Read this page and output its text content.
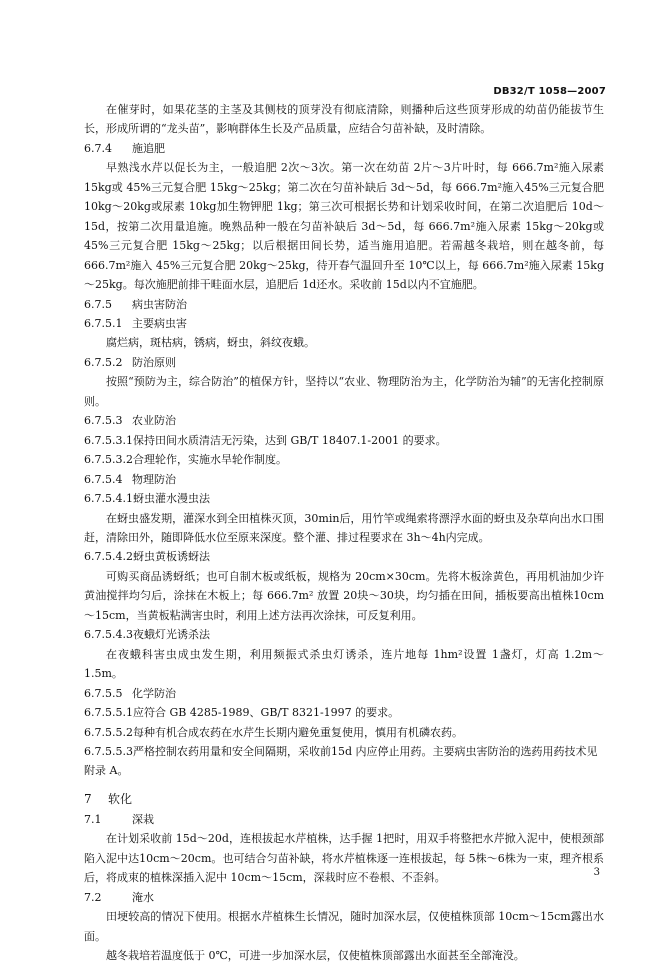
DB32/T 1058—2007

在催芽时，如果花茎的主茎及其侧枝的顶芽没有彻底清除，则播种后这些顶芽形成的幼苗仍能拔节生长，形成所谓的“龙头苗”，影响群体生长及产品质量，应结合匀苗补缺，及时清除。

6.7.4 施追肥

早熟浅水芹以促长为主，一般追肥 2次～3次。第一次在幼苗 2片～3片叶时，每 666.7m²施入尿素 15kg或 45%三元复合肥 15kg～25kg；第二次在匀苗补缺后 3d～5d，每 666.7m²施入45%三元复合肥 10kg～20kg或尿素 10kg加生物钾肥 1kg；第三次可根据长势和计划采收时间，在第二次追肥后 10d～15d，按第二次用量追施。晚熟品种一般在匀苗补缺后 3d～5d，每 666.7m²施入尿素 15kg～20kg或 45%三元复合肥 15kg～25kg；以后根据田间长势，适当施用追肥。若需越冬栽培，则在越冬前，每 666.7m²施入 45%三元复合肥 20kg～25kg，待开春气温回升至 10℃以上，每 666.7m²施入尿素 15kg～25kg。每次施肥前排干畦面水层，追肥后 1d还水。采收前 15d以内不宜施肥。

6.7.5 病虫害防治
6.7.5.1 主要病虫害

腐烂病，斑枯病，锈病，蚜虫，斜纹夜蛾。

6.7.5.2 防治原则

按照“预防为主，综合防治”的植保方针，坚持以“农业、物理防治为主，化学防治为辅”的无害化控制原则。

6.7.5.3 农业防治
6.7.5.3.1保持田间水质清洁无污染，达到 GB/T 18407.1-2001 的要求。
6.7.5.3.2合理轮作，实施水旱轮作制度。
6.7.5.4 物理防治
6.7.5.4.1蚜虫灌水漫虫法

在蚜虫盛发期，灌深水到全田植株灭顶，30min后，用竹竿或绳索将漂浮水面的蚜虫及杂草向出水口围赶，清除田外，随即降低水位至原来深度。整个灌、排过程要求在 3h～4h内完成。

6.7.5.4.2蚜虫黄板诱蚜法

可购买商品诱蚜纸；也可自制木板或纸板，规格为 20cm×30cm。先将木板涂黄色，再用机油加少许黄油搅拌均匀后，涂抹在木板上；每 666.7m² 放置 20块～30块，均匀插在田间，插板要高出植株10cm～15cm，当黄板粘满害虫时，利用上述方法再次涂抹，可反复利用。

6.7.5.4.3夜蛾灯光诱杀法

在夜蛾科害虫成虫发生期，利用频振式杀虫灯诱杀，连片地每 1hm²设置 1盏灯，灯高 1.2m～1.5m。

6.7.5.5 化学防治
6.7.5.5.1应符合 GB 4285-1989、GB/T 8321-1997 的要求。
6.7.5.5.2每种有机合成农药在水芹生长期内避免重复使用，慎用有机磷农药。
6.7.5.5.3严格控制农药用量和安全间隔期，采收前15d 内应停止用药。主要病虫害防治的选药用药技术见附录 A。
7 软化
7.1	深栽

在计划采收前 15d～20d，连根拔起水芹植株，达手握 1把时，用双手将整把水芹掀入泥中，使根颈部陷入泥中达10cm～20cm。也可结合匀苗补缺，将水芹植株逐一连根拔起，每 5株～6株为一束，理齐根系后，将成束的植株深插入泥中 10cm～15cm，深栽时应不卷根、不歪斜。

7.2	淹水

田埂较高的情况下使用。根据水芹植株生长情况，随时加深水层，仅使植株顶部 10cm～15cm露出水面。

越冬栽培若温度低于 0℃，可进一步加深水层，仅使植株顶部露出水面甚至全部淹没。

3
